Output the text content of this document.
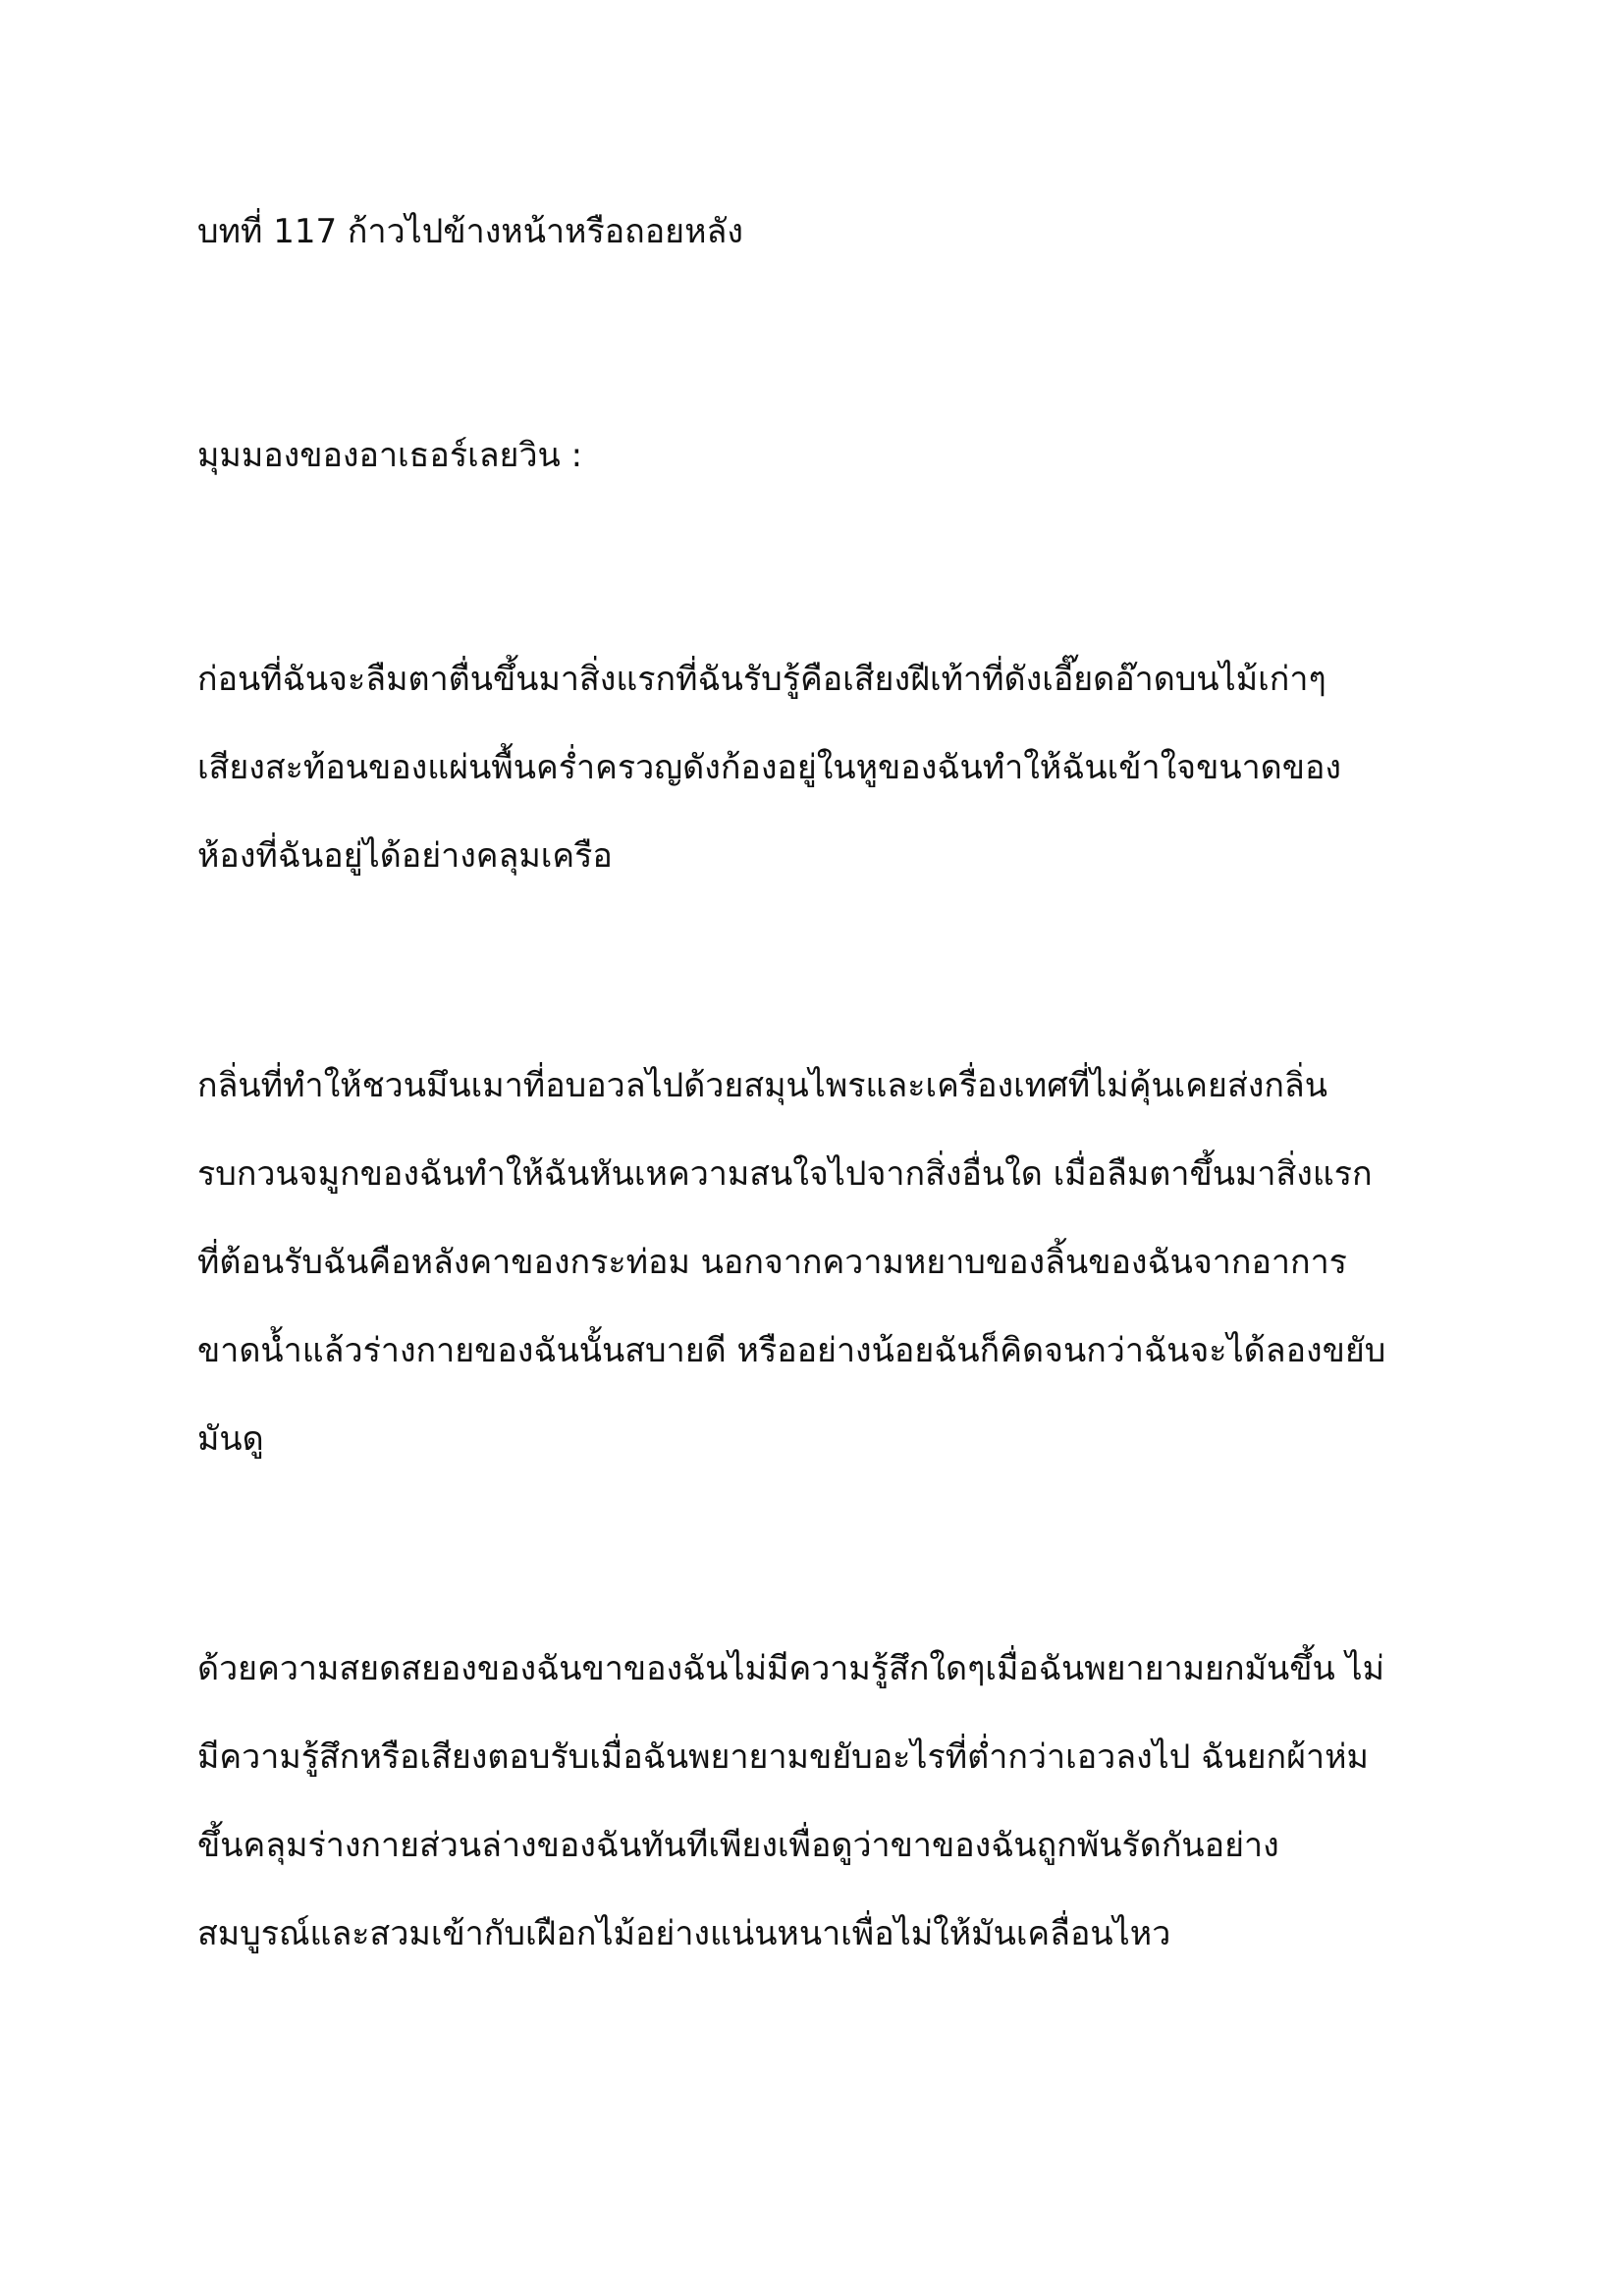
บทที่ 117 ก้าวไปข้างหน้าหรือถอยหลัง
มุมมองของอาเธอร์เลยวิน :
ก่อนที่ฉันจะลืมตาตื่นขึ้นมาสิ่งแรกที่ฉันรับรู้คือเสียงฝีเท้าที่ดังเอี๊ยดอ๊าดบนไม้เก่าๆ
เสียงสะท้อนของแผ่นพื้นคร่ำครวญดังก้องอยู่ในหูของฉันทำให้ฉันเข้าใจขนาดของ
ห้องที่ฉันอยู่ได้อย่างคลุมเครือ
กลิ่นที่ทำให้ชวนมึนเมาที่อบอวลไปด้วยสมุนไพรและเครื่องเทศที่ไม่คุ้นเคยส่งกลิ่น
รบกวนจมูกของฉันทำให้ฉันหันเหความสนใจไปจากสิ่งอื่นใด เมื่อลืมตาขึ้นมาสิ่งแรก
ที่ต้อนรับฉันคือหลังคาของกระท่อม นอกจากความหยาบของลิ้นของฉันจากอาการ
ขาดน้ำแล้วร่างกายของฉันนั้นสบายดี หรืออย่างน้อยฉันก็คิดจนกว่าฉันจะได้ลองขยับ
มันดู
ด้วยความสยดสยองของฉันขาของฉันไม่มีความรู้สึกใดๆเมื่อฉันพยายามยกมันขึ้น ไม่
มีความรู้สึกหรือเสียงตอบรับเมื่อฉันพยายามขยับอะไรที่ต่ำกว่าเอวลงไป ฉันยกผ้าห่ม
ขึ้นคลุมร่างกายส่วนล่างของฉันทันทีเพียงเพื่อดูว่าขาของฉันถูกพันรัดกันอย่าง
สมบูรณ์และสวมเข้ากับเฝือกไม้อย่างแน่นหนาเพื่อไม่ให้มันเคลื่อนไหว
